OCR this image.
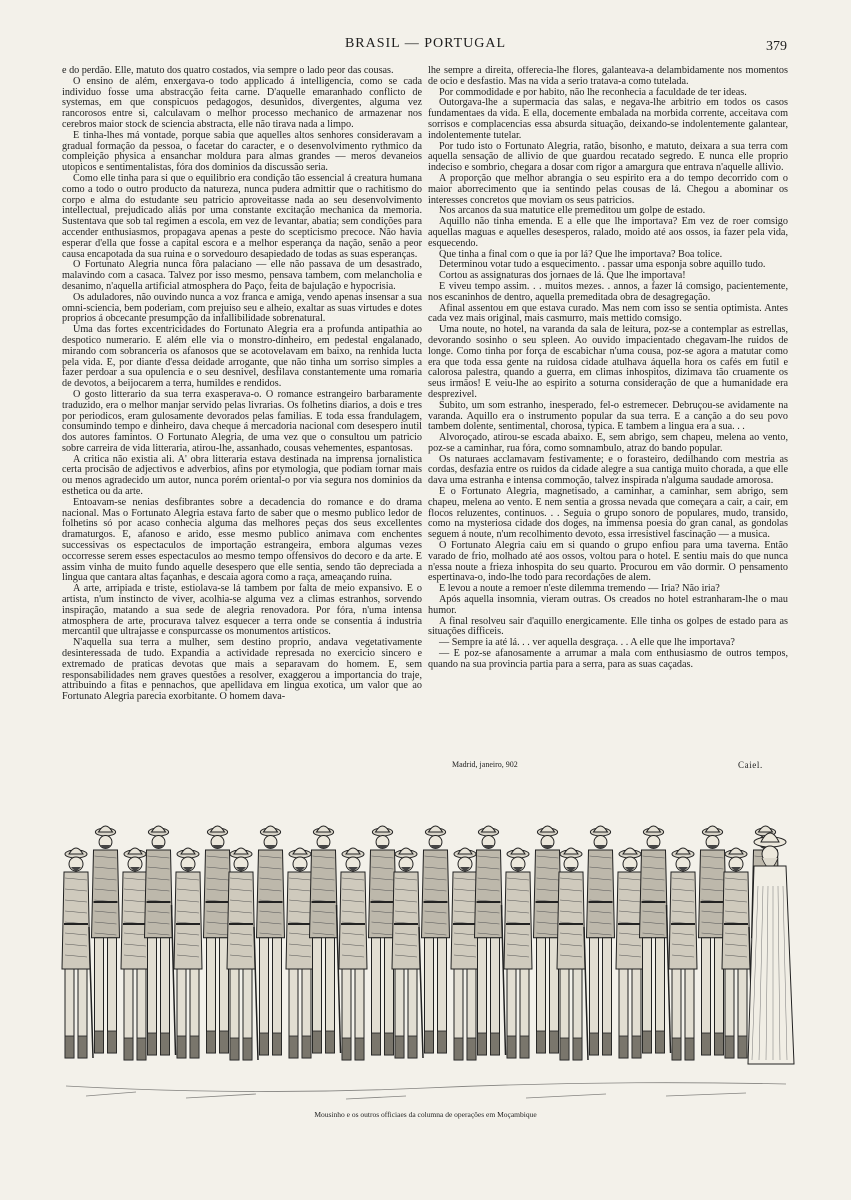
BRASIL — PORTUGAL	379

e do perdão. Elle, matuto dos quatro costados, via sempre o lado peor das cousas.

O ensino de além, enxergava-o todo applicado á intelligencia, como se cada individuo fosse uma abstracção feita carne. D'aquelle emaranhado conflicto de systemas, em que conspicuos pedagogos, desunidos, divergentes, alguma vez rancorosos entre si, calculavam o melhor processo mechanico de armazenar nos cerebros maior stock de sciencia abstracta, elle não tirava nada a limpo.

E tinha-lhes má vontade, porque sabia que aquelles altos senhores consideravam a gradual formação da pessoa, o facetar do caracter, e o desenvolvimento rythmico da compleição physica a ensanchar moldura para almas grandes — meros devaneios utopicos e sentimentalistas, fóra dos dominios da discussão seria.

Como elle tinha para si que o equilibrio era condição tão essencial á creatura humana como a todo o outro producto da natureza, nunca pudera admittir que o rachitismo do corpo e alma do estudante seu patricio aproveitasse nada ao seu desenvolvimento intellectual, prejudicado aliás por uma constante excitação mechanica da memoria. Sustentava que sob tal regimen a escola, em vez de levantar, abatia; sem condições para accender enthusiasmos, propagava apenas a peste do scepticismo precoce. Não havia esperar d'ella que fosse a capital escora e a melhor esperança da nação, senão a peor causa encapotada da sua ruina e o sorvedouro desapiedado de todas as suas esperanças.

O Fortunato Alegria nunca fôra palaciano — elle não passava de um desastrado, malavindo com a casaca. Talvez por isso mesmo, pensava tambem, com melancholia e desanimo, n'aquella artificial atmosphera do Paço, feita de bajulação e hypocrisia.

Os aduladores, não ouvindo nunca a voz franca e amiga, vendo apenas insensar a sua omni-sciencia, bem poderiam, com prejuiso seu e alheio, exaltar as suas virtudes e dotes proprios á obcecante presumpção da infallibilidade sobrenatural.

Uma das fortes excentricidades do Fortunato Alegria era a profunda antipathia ao despotico numerario. E além elle via o monstro-dinheiro, em pedestal engalanado, mirando com sobranceria os afanosos que se acotovelavam em baixo, na renhida lucta pela vida. E, por diante d'essa deidade arrogante, que não tinha um sorriso simples a fazer perdoar a sua opulencia e o seu desnivel, desfilava constantemente uma romaria de devotos, a beijocarem a terra, humildes e rendidos.

O gosto litterario da sua terra exasperava-o. O romance estrangeiro barbaramente traduzido, era o melhor manjar servido pelas livrarias. Os folhetins diarios, a dois e tres por periodicos, eram gulosamente devorados pelas familias. E toda essa frandulagem, consumindo tempo e dinheiro, dava cheque á mercadoria nacional com desespero inutil dos autores famintos. O Fortunato Alegria, de uma vez que o consultou um patricio sobre carreira de vida litteraria, atirou-lhe, assanhado, cousas vehementes, espantosas.

A critica não existia ali. A' obra litteraria estava destinada na imprensa jornalistica certa procisão de adjectivos e adverbios, afins por etymologia, que podiam tornar mais ou menos agradecido um autor, nunca porém oriental-o por via segura nos dominios da esthetica ou da arte.

Entoavam-se nenias desfibrantes sobre a decadencia do romance e do drama nacional. Mas o Fortunato Alegria estava farto de saber que o mesmo publico ledor de folhetins só por acaso conhecia alguma das melhores peças dos seus excellentes dramaturgos. E, afanoso e arido, esse mesmo publico animava com enchentes successivas os espectaculos de importação estrangeira, embora algumas vezes occorresse serem esses espectaculos ao mesmo tempo offensivos do decoro e da arte. E assim vinha de muito fundo aquelle desespero que elle sentia, sendo tão depreciada a lingua que cantara altas façanhas, e descaia agora como a raça, ameaçando ruina.

A arte, arripiada e triste, estiolava-se lá tambem por falta de meio expansivo. E o artista, n'um instincto de viver, acolhia-se alguma vez a climas estranhos, sorvendo inspiração, matando a sua sede de alegria renovadora. Por fóra, n'uma intensa atmosphera de arte, procurava talvez esquecer a terra onde se consentia á industria mercantil que ultrajasse e conspurcasse os monumentos artisticos.

N'aquella sua terra a mulher, sem destino proprio, andava vegetativamente desinteressada de tudo. Expandia a actividade represada no exercicio sincero e extremado de praticas devotas que mais a separavam do homem. E, sem responsabilidades nem graves questões a resolver, exaggerou a importancia do traje, attribuindo a fitas e pennachos, que apellidava em lingua exotica, um valor que ao Fortunato Alegria parecia exorbitante. O homem dava-

lhe sempre a direita, offerecia-lhe flores, galanteava-a delambidamente nos momentos de ocio e desfastio. Mas na vida a serio tratava-a como tutelada.

Por commodidade e por habito, não lhe reconhecia a faculdade de ter ideas.

Outorgava-lhe a supermacia das salas, e negava-lhe arbitrio em todos os casos fundamentaes da vida. E ella, docemente embalada na morbida corrente, acceitava com sorrisos e complacencias essa absurda situação, deixando-se indolentemente galantear, indolentemente tutelar.

Por tudo isto o Fortunato Alegria, ratão, bisonho, e matuto, deixara a sua terra com aquella sensação de allivio de que guardou recatado segredo. E nunca elle proprio indeciso e sombrio, chegara a dosar com rigor a amargura que entrava n'aquelle allivio.

A proporção que melhor abrangia o seu espirito era a do tempo decorrido com o maior aborrecimento que ia sentindo pelas cousas de lá. Chegou a abominar os interesses concretos que moviam os seus patricios.

Nos arcanos da sua matutice elle premeditou um golpe de estado.

Aquillo não tinha emenda. E a elle que lhe importava? Em vez de roer comsigo aquellas maguas e aquelles desesperos, ralado, moido até aos ossos, ia fazer pela vida, esquecendo.

Que tinha a final com o que ia por lá? Que lhe importava? Boa tolice.

Determinou votar tudo a esquecimento. . passar uma esponja sobre aquillo tudo.

Cortou as assignaturas dos jornaes de lá. Que lhe importava!

E viveu tempo assim. . . muitos mezes. . annos, a fazer lá comsigo, pacientemente, nos escaninhos de dentro, aquella premeditada obra de desagregação.

Afinal assentou em que estava curado. Mas nem com isso se sentia optimista. Antes cada vez mais original, mais casmurro, mais mettido comsigo.

Uma noute, no hotel, na varanda da sala de leitura, poz-se a contemplar as estrellas, devorando sosinho o seu spleen. Ao ouvido impacientado chegavam-lhe ruidos de longe. Como tinha por força de escabichar n'uma cousa, poz-se agora a matutar como era que toda essa gente na ruidosa cidade atulhava áquella hora os cafés em futil e calorosa palestra, quando a guerra, em climas inhospitos, dizimava tão cruamente os seus irmãos! E veiu-lhe ao espirito a soturna consideração de que a humanidade era desprezivel.

Subito, um som estranho, inesperado, fel-o estremecer. Debruçou-se avidamente na varanda. Aquillo era o instrumento popular da sua terra. E a canção a do seu povo tambem dolente, sentimental, chorosa, typica. E tambem a lingua era a sua. . .

Alvoroçado, atirou-se escada abaixo. E, sem abrigo, sem chapeu, melena ao vento, poz-se a caminhar, rua fóra, como somnambulo, atraz do bando popular.

Os naturaes acclamavam festivamente; e o forasteiro, dedilhando com mestria as cordas, desfazia entre os ruidos da cidade alegre a sua cantiga muito chorada, a que elle dava uma estranha e intensa commoção, talvez inspirada n'alguma saudade amorosa.

E o Fortunato Alegria, magnetisado, a caminhar, a caminhar, sem abrigo, sem chapeu, melena ao vento. E nem sentia a grossa nevada que começara a cair, a cair, em flocos reluzentes, continuos. . . Seguia o grupo sonoro de populares, mudo, transido, como na mysteriosa cidade dos doges, na immensa poesia do gran canal, as gondolas seguem á noute, n'um recolhimento devoto, essa irresistivel fascinação — a musica.

O Fortunato Alegria caiu em si quando o grupo enfiou para uma taverna. Então varado de frio, molhado até aos ossos, voltou para o hotel. E sentiu mais do que nunca n'essa noute a frieza inhospita do seu quarto. Procurou em vão dormir. O pensamento espertinava-o, indo-lhe todo para recordações de alem.

E levou a noute a remoer n'este dilemma tremendo — Iria? Não iria?

Após aquella insomnia, vieram outras. Os creados no hotel estranharam-lhe o mau humor.

A final resolveu sair d'aquillo energicamente. Elle tinha os golpes de estado para as situações difficeis.

— Sempre ia até lá. . . ver aquella desgraça. . . A elle que lhe importava?

— E poz-se afanosamente a arrumar a mala com enthusiasmo de outros tempos, quando na sua provincia partia para a serra, para as suas caçadas.

Madrid, janeiro, 902	Caiel.
Mousinho e os outros officiaes da columna de operações em Moçambique
